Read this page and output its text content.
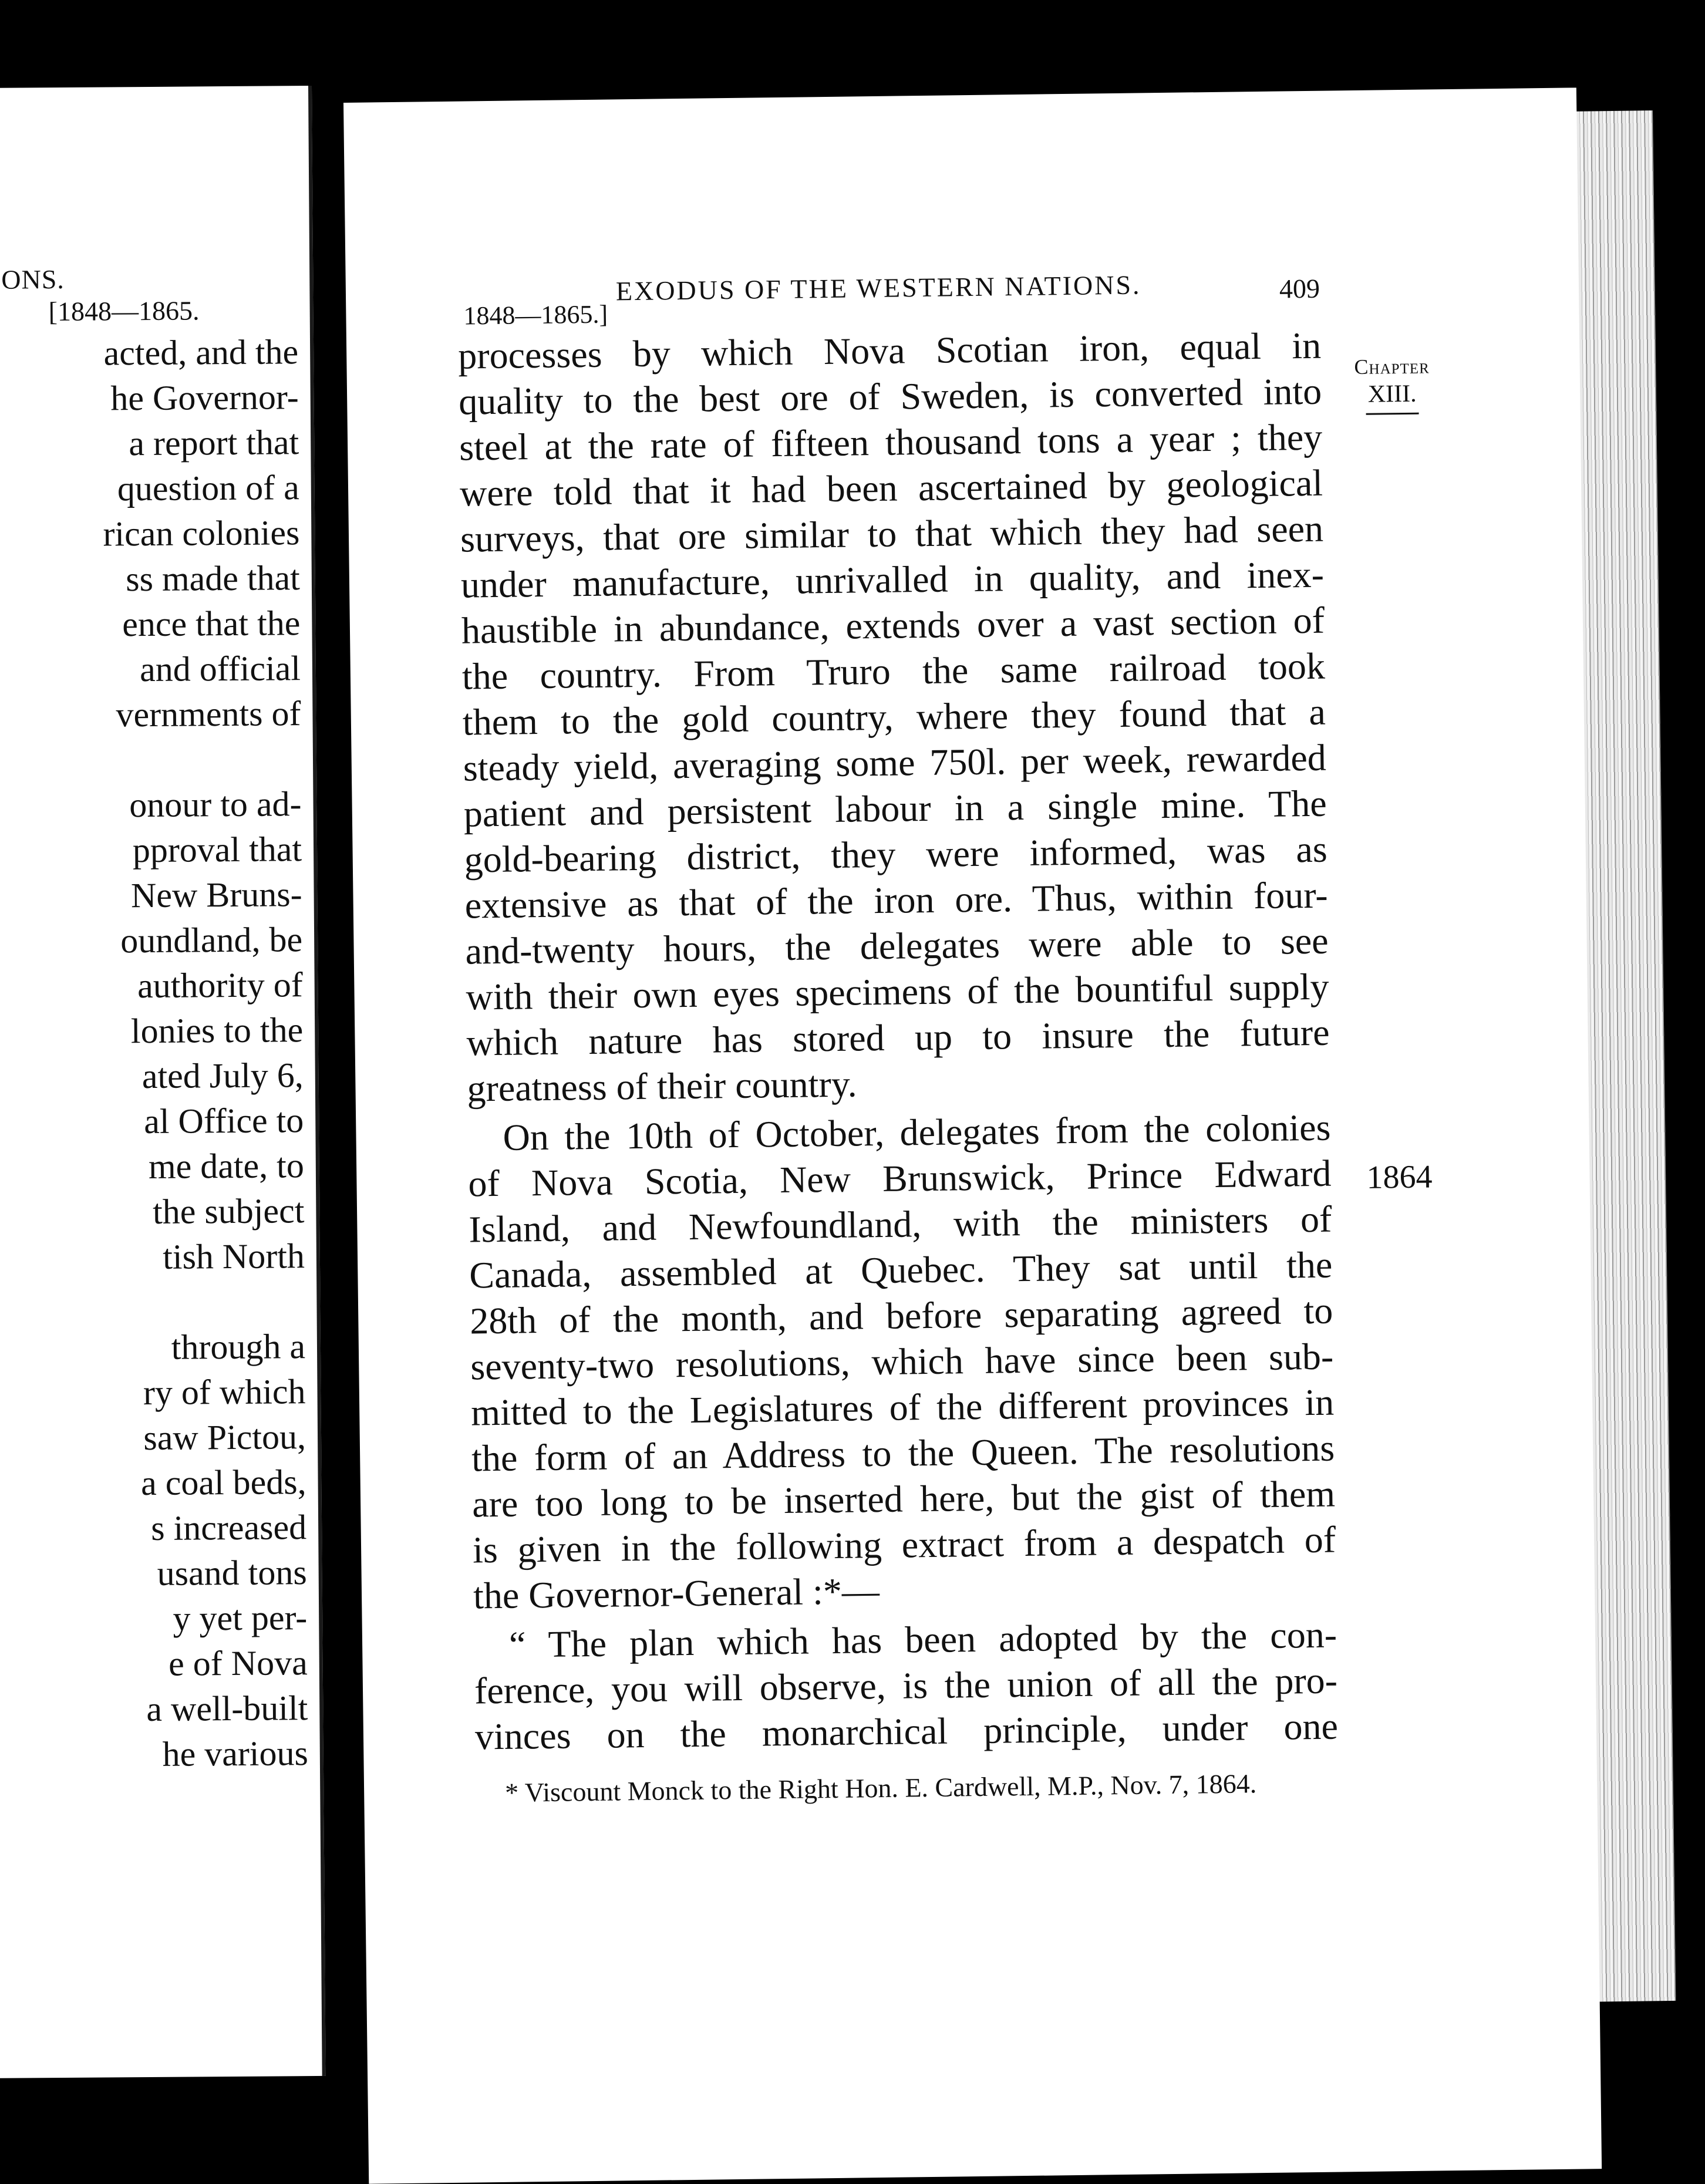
ONS.
[1848—1865.
acted, and the
he Governor-
a report that
question of a
rican colonies
ss made that
ence that the
and official
vernments of

onour to ad-
pproval that
New Bruns-
oundland, be
authority of
lonies to the
ated July 6,
al Office to
me date, to
the subject
tish North

through a
ry of which
saw Pictou,
a coal beds,
s increased
usand tons
y yet per-
e of Nova
a well-built
he various
EXODUS OF THE WESTERN NATIONS.
1848—1865.]
409
Chapter
XIII.
1864
processes by which Nova Scotian iron, equal in
quality to the best ore of Sweden, is converted into
steel at the rate of fifteen thousand tons a year ; they
were told that it had been ascertained by geological
surveys, that ore similar to that which they had seen
under manufacture, unrivalled in quality, and inex-
haustible in abundance, extends over a vast section of
the country. From Truro the same railroad took
them to the gold country, where they found that a
steady yield, averaging some 750l. per week, rewarded
patient and persistent labour in a single mine. The
gold-bearing district, they were informed, was as
extensive as that of the iron ore. Thus, within four-
and-twenty hours, the delegates were able to see
with their own eyes specimens of the bountiful supply
which nature has stored up to insure the future
greatness of their country.
On the 10th of October, delegates from the colonies
of Nova Scotia, New Brunswick, Prince Edward
Island, and Newfoundland, with the ministers of
Canada, assembled at Quebec. They sat until the
28th of the month, and before separating agreed to
seventy-two resolutions, which have since been sub-
mitted to the Legislatures of the different provinces in
the form of an Address to the Queen. The resolutions
are too long to be inserted here, but the gist of them
is given in the following extract from a despatch of
the Governor-General :*—
“ The plan which has been adopted by the con-
ference, you will observe, is the union of all the pro-
vinces on the monarchical principle, under one
* Viscount Monck to the Right Hon. E. Cardwell, M.P., Nov. 7, 1864.
